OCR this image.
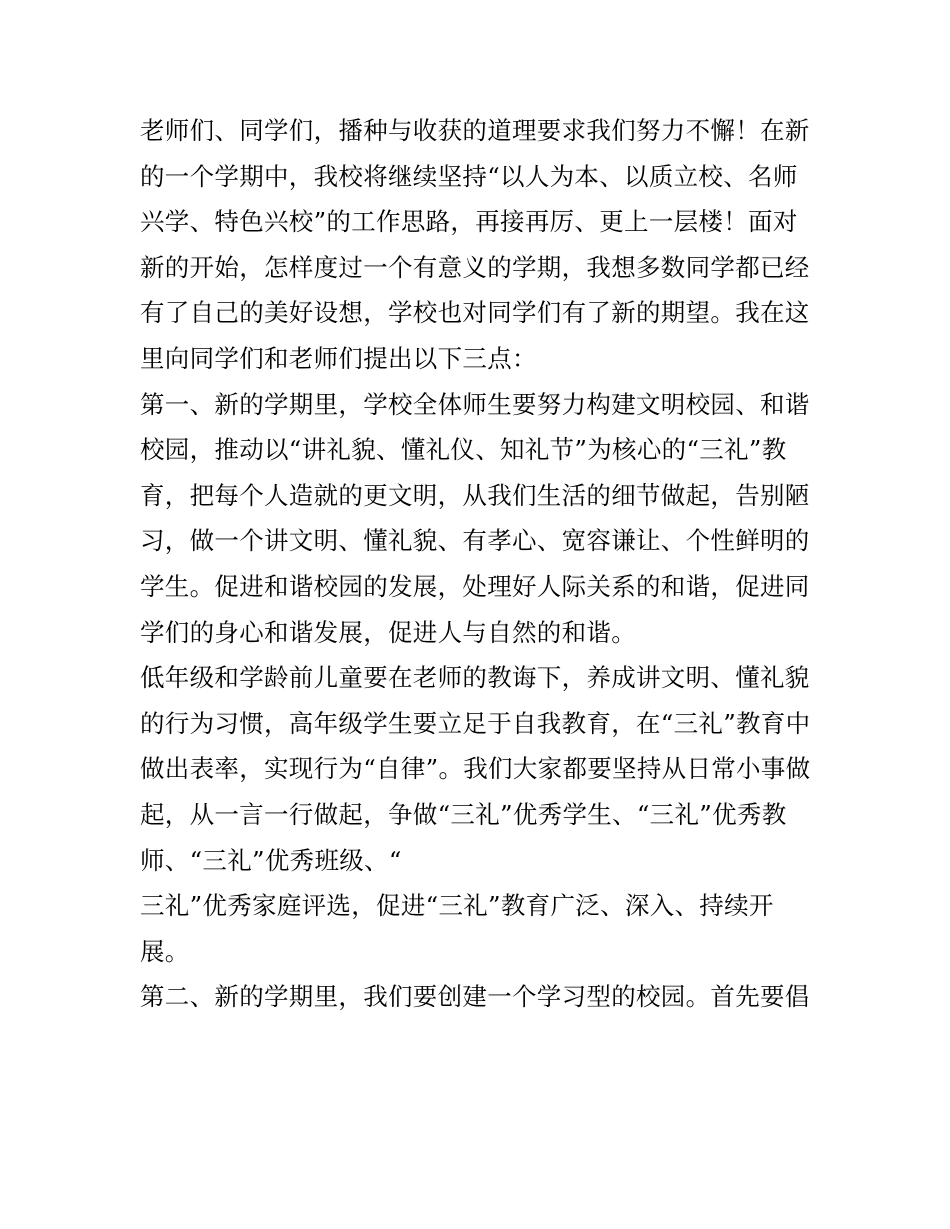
老师们、同学们，播种与收获的道理要求我们努力不懈！在新
的一个学期中，我校将继续坚持“以人为本、以质立校、名师
兴学、特色兴校”的工作思路，再接再厉、更上一层楼！面对
新的开始，怎样度过一个有意义的学期，我想多数同学都已经
有了自己的美好设想，学校也对同学们有了新的期望。我在这
里向同学们和老师们提出以下三点：
第一、新的学期里，学校全体师生要努力构建文明校园、和谐
校园，推动以“讲礼貌、懂礼仪、知礼节”为核心的“三礼”教
育，把每个人造就的更文明，从我们生活的细节做起，告别陋
习，做一个讲文明、懂礼貌、有孝心、宽容谦让、个性鲜明的
学生。促进和谐校园的发展，处理好人际关系的和谐，促进同
学们的身心和谐发展，促进人与自然的和谐。
低年级和学龄前儿童要在老师的教诲下，养成讲文明、懂礼貌
的行为习惯，高年级学生要立足于自我教育，在“三礼”教育中
做出表率，实现行为“自律”。我们大家都要坚持从日常小事做
起，从一言一行做起，争做“三礼”优秀学生、“三礼”优秀教
师、“三礼”优秀班级、“
三礼”优秀家庭评选，促进“三礼”教育广泛、深入、持续开
展。
第二、新的学期里，我们要创建一个学习型的校园。首先要倡
